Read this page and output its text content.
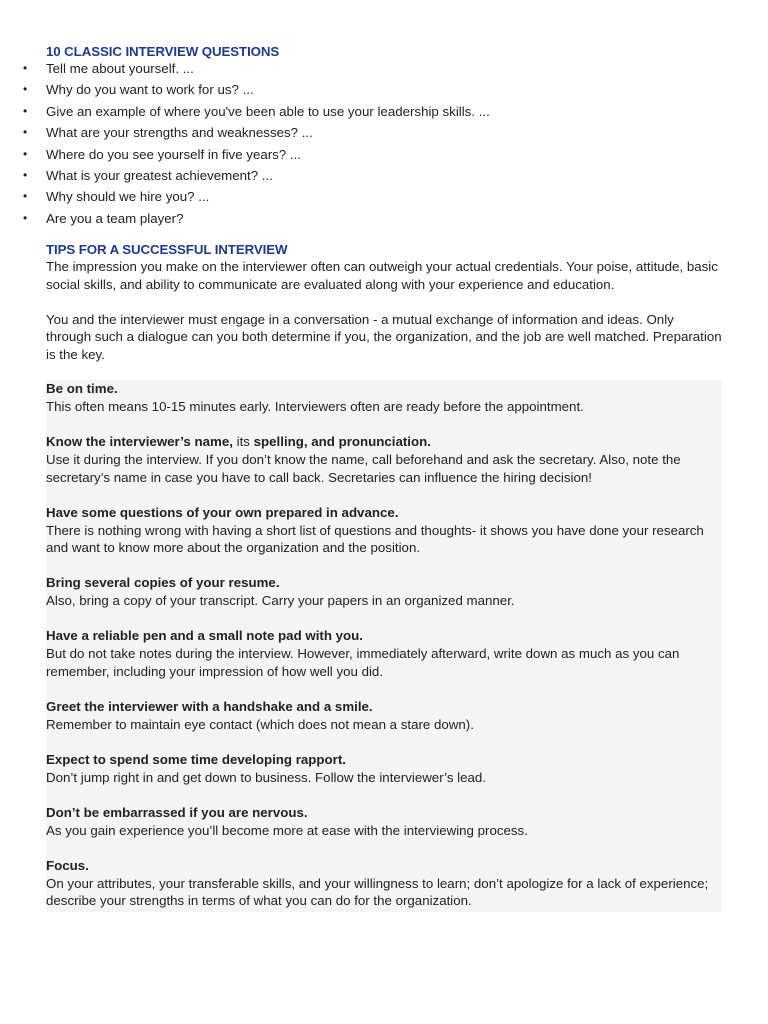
10 CLASSIC INTERVIEW QUESTIONS
• Tell me about yourself. ...
• Why do you want to work for us? ...
• Give an example of where you've been able to use your leadership skills. ...
• What are your strengths and weaknesses? ...
• Where do you see yourself in five years? ...
• What is your greatest achievement? ...
• Why should we hire you? ...
• Are you a team player?
TIPS FOR A SUCCESSFUL INTERVIEW

The impression you make on the interviewer often can outweigh your actual credentials. Your poise, attitude, basic social skills, and ability to communicate are evaluated along with your experience and education.

You and the interviewer must engage in a conversation - a mutual exchange of information and ideas. Only through such a dialogue can you both determine if you, the organization, and the job are well matched. Preparation is the key.

Be on time.

This often means 10-15 minutes early. Interviewers often are ready before the appointment.

Know the interviewer’s name, its spelling, and pronunciation.

Use it during the interview. If you don’t know the name, call beforehand and ask the secretary. Also, note the secretary’s name in case you have to call back. Secretaries can influence the hiring decision!

Have some questions of your own prepared in advance.

There is nothing wrong with having a short list of questions and thoughts- it shows you have done your research and want to know more about the organization and the position.

Bring several copies of your resume.

Also, bring a copy of your transcript. Carry your papers in an organized manner.

Have a reliable pen and a small note pad with you.

But do not take notes during the interview. However, immediately afterward, write down as much as you can remember, including your impression of how well you did.

Greet the interviewer with a handshake and a smile.

Remember to maintain eye contact (which does not mean a stare down).

Expect to spend some time developing rapport.

Don’t jump right in and get down to business. Follow the interviewer’s lead.

Don’t be embarrassed if you are nervous.

As you gain experience you’ll become more at ease with the interviewing process.

Focus.

On your attributes, your transferable skills, and your willingness to learn; don’t apologize for a lack of experience; describe your strengths in terms of what you can do for the organization.
